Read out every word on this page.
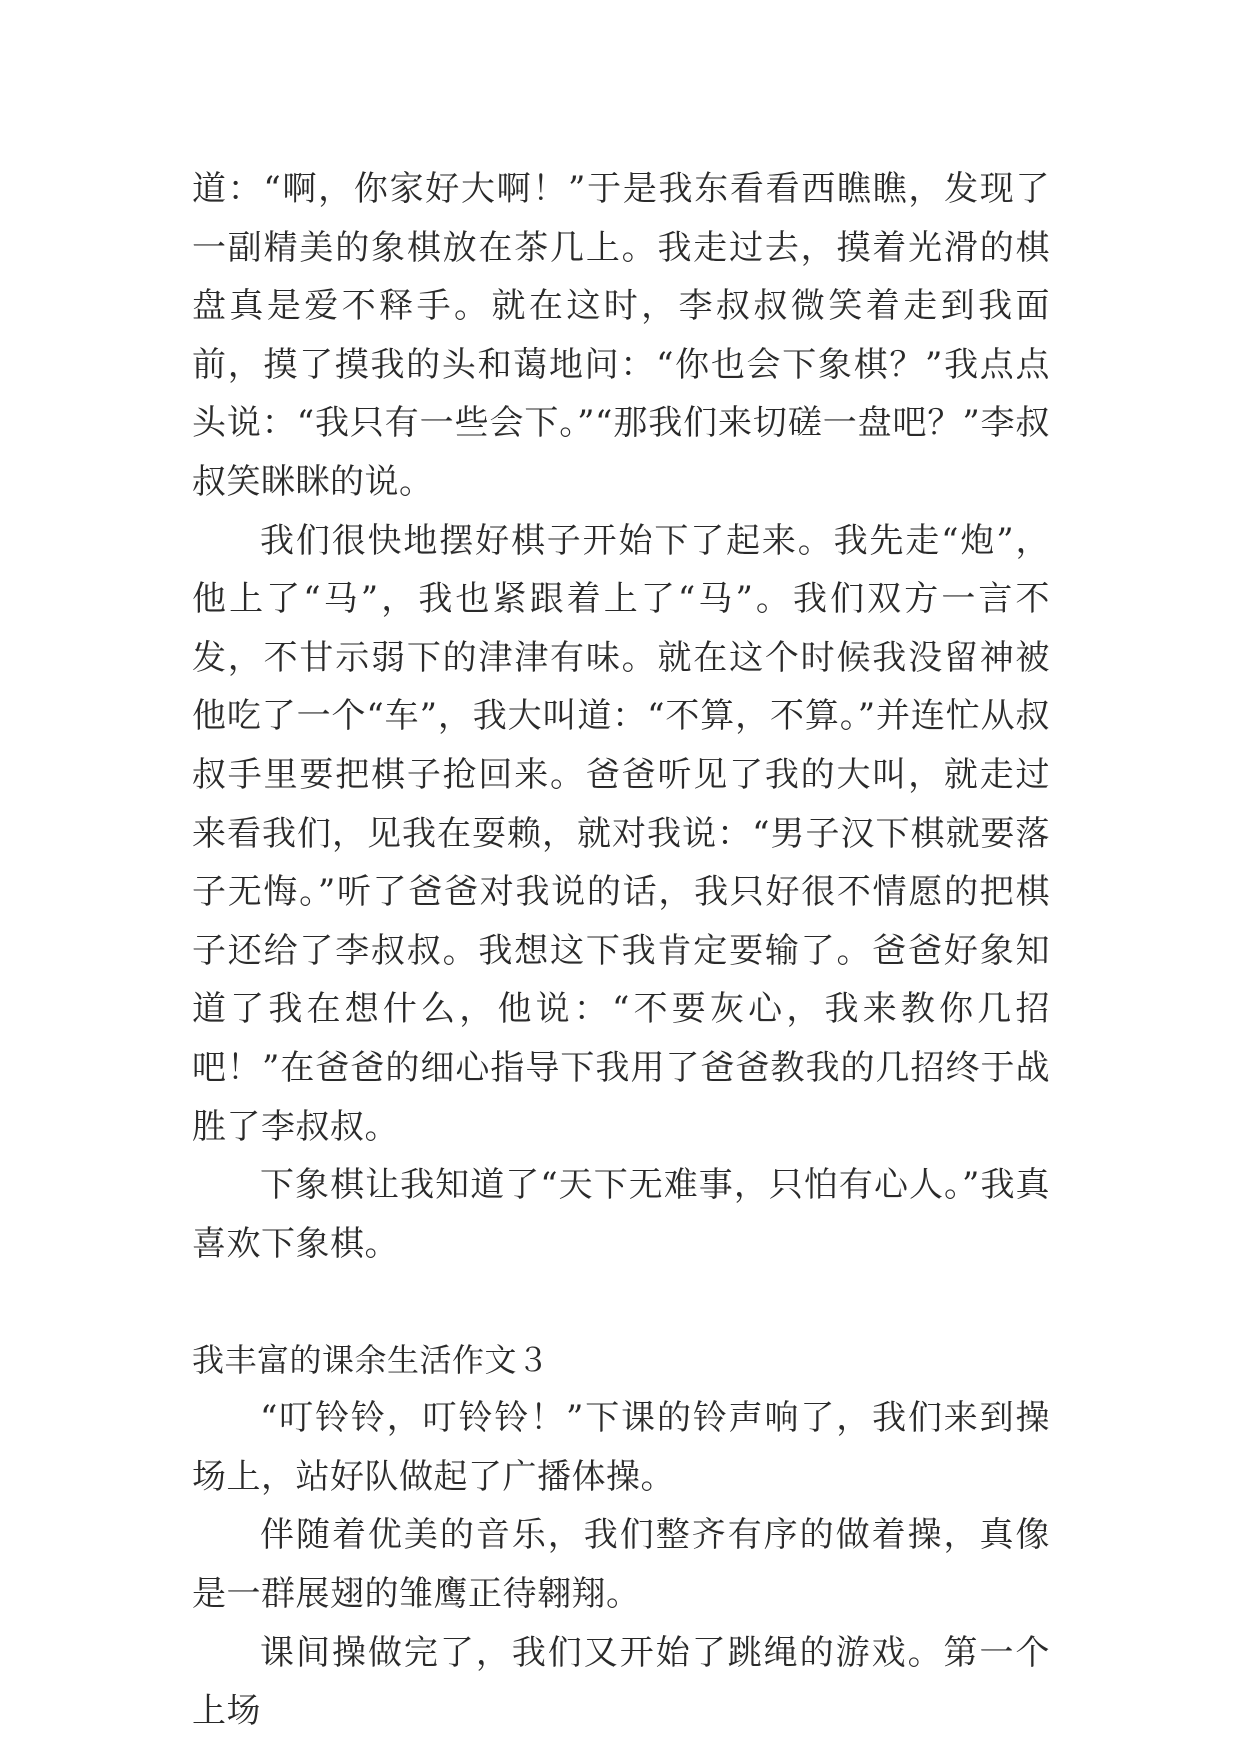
道：“啊，你家好大啊！”于是我东看看西瞧瞧，发现了一副精美的象棋放在茶几上。我走过去，摸着光滑的棋盘真是爱不释手。就在这时，李叔叔微笑着走到我面前，摸了摸我的头和蔼地问：“你也会下象棋？”我点点头说：“我只有一些会下。”“那我们来切磋一盘吧？”李叔叔笑眯眯的说。

我们很快地摆好棋子开始下了起来。我先走“炮”，他上了“马”，我也紧跟着上了“马”。我们双方一言不发，不甘示弱下的津津有味。就在这个时候我没留神被他吃了一个“车”，我大叫道：“不算，不算。”并连忙从叔叔手里要把棋子抢回来。爸爸听见了我的大叫，就走过来看我们，见我在耍赖，就对我说：“男子汉下棋就要落子无悔。”听了爸爸对我说的话，我只好很不情愿的把棋子还给了李叔叔。我想这下我肯定要输了。爸爸好象知道了我在想什么，他说：“不要灰心，我来教你几招吧！”在爸爸的细心指导下我用了爸爸教我的几招终于战胜了李叔叔。

下象棋让我知道了“天下无难事，只怕有心人。”我真喜欢下象棋。

我丰富的课余生活作文３

“叮铃铃，叮铃铃！”下课的铃声响了，我们来到操场上，站好队做起了广播体操。

伴随着优美的音乐，我们整齐有序的做着操，真像是一群展翅的雏鹰正待翱翔。

课间操做完了，我们又开始了跳绳的游戏。第一个上场
